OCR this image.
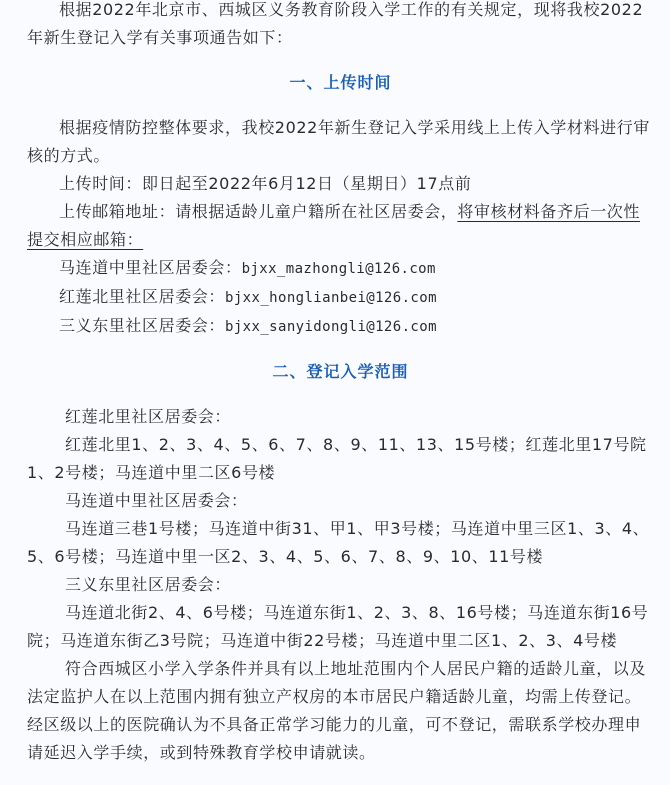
根据2022年北京市、西城区义务教育阶段入学工作的有关规定，现将我校2022年新生登记入学有关事项通告如下：

一、上传时间

根据疫情防控整体要求，我校2022年新生登记入学采用线上上传入学材料进行审核的方式。

上传时间：即日起至2022年6月12日（星期日）17点前

上传邮箱地址：请根据适龄儿童户籍所在社区居委会，将审核材料备齐后一次性提交相应邮箱：

马连道中里社区居委会：bjxx_mazhongli@126.com

红莲北里社区居委会：bjxx_honglianbei@126.com

三义东里社区居委会：bjxx_sanyidongli@126.com

二、登记入学范围

红莲北里社区居委会：

红莲北里1、2、3、4、5、6、7、8、9、11、13、15号楼；红莲北里17号院1、2号楼；马连道中里二区6号楼

马连道中里社区居委会：

马连道三巷1号楼；马连道中街31、甲1、甲3号楼；马连道中里三区1、3、4、5、6号楼；马连道中里一区2、3、4、5、6、7、8、9、10、11号楼

三义东里社区居委会：

马连道北街2、4、6号楼；马连道东街1、2、3、8、16号楼；马连道东街16号院；马连道东街乙3号院；马连道中街22号楼；马连道中里二区1、2、3、4号楼

符合西城区小学入学条件并具有以上地址范围内个人居民户籍的适龄儿童，以及法定监护人在以上范围内拥有独立产权房的本市居民户籍适龄儿童，均需上传登记。经区级以上的医院确认为不具备正常学习能力的儿童，可不登记，需联系学校办理申请延迟入学手续，或到特殊教育学校申请就读。
